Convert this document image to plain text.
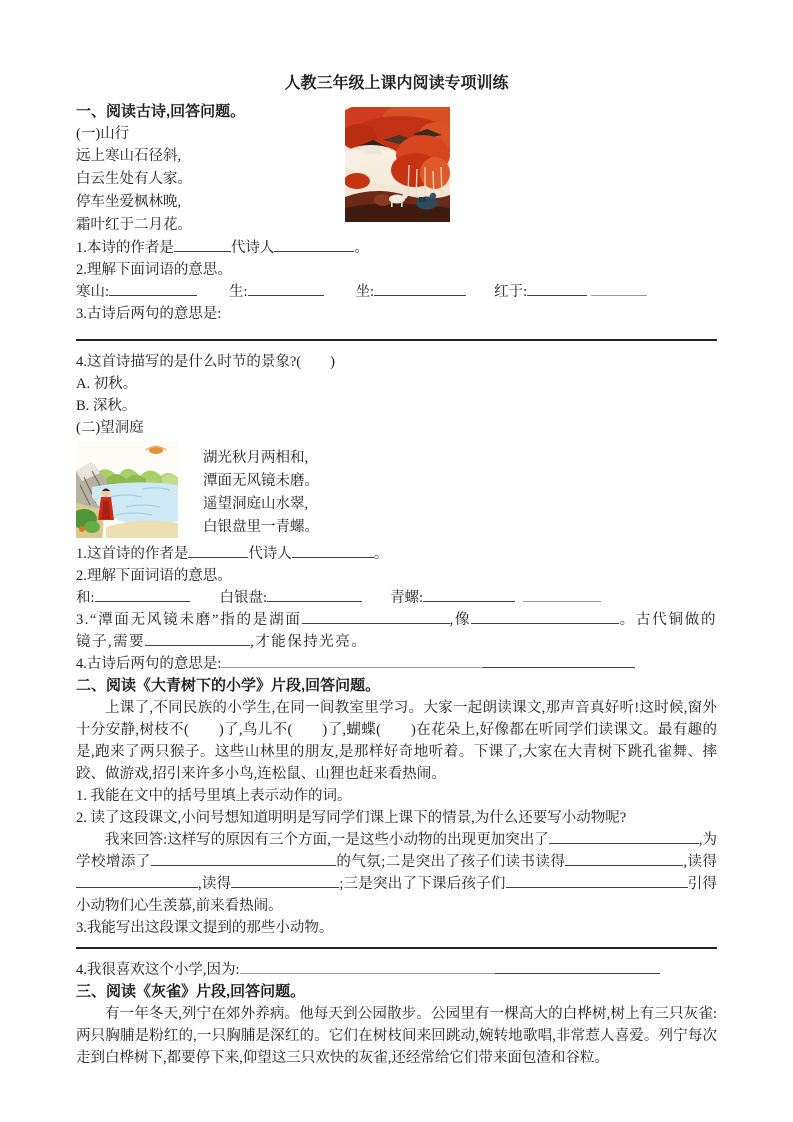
人教三年级上课内阅读专项训练
一、阅读古诗,回答问题。
(一)山行
远上寒山石径斜,
白云生处有人家。
停车坐爱枫林晚,
霜叶红于二月花。
1.本诗的作者是	代诗人	。
2.理解下面词语的意思。
寒山:	生:	坐:	红于:
3.古诗后两句的意思是:
4.这首诗描写的是什么时节的景象?(　　)
A. 初秋。
B. 深秋。
(二)望洞庭
湖光秋月两相和,
潭面无风镜未磨。
遥望洞庭山水翠,
白银盘里一青螺。
1.这首诗的作者是	代诗人	。
2.理解下面词语的意思。
和:	白银盘:	青螺:
3.“潭面无风镜未磨”指的是湖面	,像	。古代铜做的镜子,需要	,才能保持光亮。
4.古诗后两句的意思是:
二、阅读《大青树下的小学》片段,回答问题。
上课了,不同民族的小学生,在同一间教室里学习。大家一起朗读课文,那声音真好听!这时候,窗外十分安静,树枝不(　　)了,鸟儿不(　　)了,蝴蝶(　　)在花朵上,好像都在听同学们读课文。最有趣的是,跑来了两只猴子。这些山林里的朋友,是那样好奇地听着。下课了,大家在大青树下跳孔雀舞、摔跤、做游戏,招引来许多小鸟,连松鼠、山狸也赶来看热闹。
1. 我能在文中的括号里填上表示动作的词。
2. 读了这段课文,小问号想知道明明是写同学们课上课下的情景,为什么还要写小动物呢?
我来回答:这样写的原因有三个方面,一是这些小动物的出现更加突出了	,为学校增添了	的气氛;二是突出了孩子们读书读得	,读得,读得	;三是突出了下课后孩子们	引得小动物们心生羡慕,前来看热闹。
3.我能写出这段课文提到的那些小动物。
4.我很喜欢这个小学,因为:
三、阅读《灰雀》片段,回答问题。
有一年冬天,列宁在郊外养病。他每天到公园散步。公园里有一棵高大的白桦树,树上有三只灰雀:两只胸脯是粉红的,一只胸脯是深红的。它们在树枝间来回跳动,婉转地歌唱,非常惹人喜爱。列宁每次走到白桦树下,都要停下来,仰望这三只欢快的灰雀,还经常给它们带来面包渣和谷粒。
